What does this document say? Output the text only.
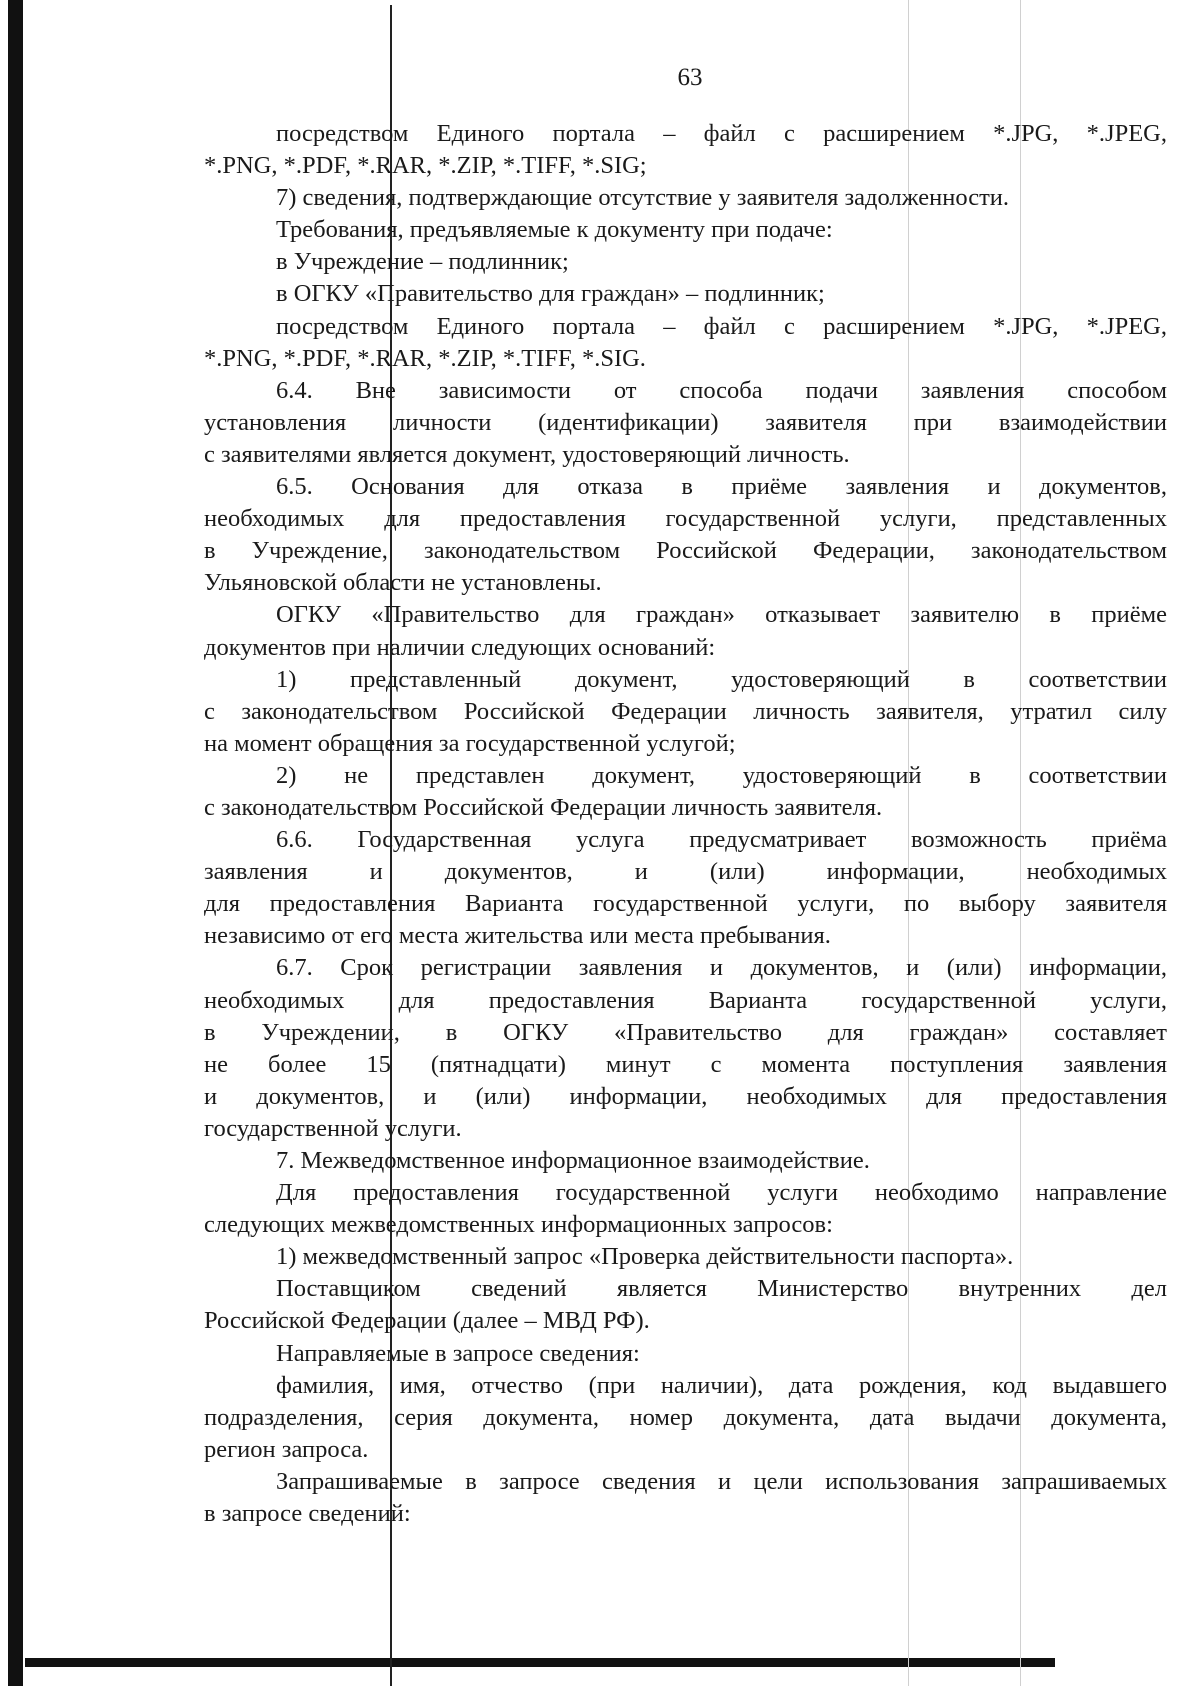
63
посредством Единого портала – файл с расширением *.JPG, *.JPEG,
*.PNG, *.PDF, *.RAR, *.ZIP, *.TIFF, *.SIG;
7) сведения, подтверждающие отсутствие у заявителя задолженности.
Требования, предъявляемые к документу при подаче:
в Учреждение – подлинник;
в ОГКУ «Правительство для граждан» – подлинник;
посредством Единого портала – файл с расширением *.JPG, *.JPEG,
*.PNG, *.PDF, *.RAR, *.ZIP, *.TIFF, *.SIG.
6.4. Вне зависимости от способа подачи заявления способом
установления личности (идентификации) заявителя при взаимодействии
с заявителями является документ, удостоверяющий личность.
6.5. Основания для отказа в приёме заявления и документов,
необходимых для предоставления государственной услуги, представленных
в Учреждение, законодательством Российской Федерации, законодательством
Ульяновской области не установлены.
ОГКУ «Правительство для граждан» отказывает заявителю в приёме
документов при наличии следующих оснований:
1) представленный документ, удостоверяющий в соответствии
с законодательством Российской Федерации личность заявителя, утратил силу
на момент обращения за государственной услугой;
2) не представлен документ, удостоверяющий в соответствии
с законодательством Российской Федерации личность заявителя.
6.6. Государственная услуга предусматривает возможность приёма
заявления и документов, и (или) информации, необходимых
для предоставления Варианта государственной услуги, по выбору заявителя
независимо от его места жительства или места пребывания.
6.7. Срок регистрации заявления и документов, и (или) информации,
необходимых для предоставления Варианта государственной услуги,
в Учреждении, в ОГКУ «Правительство для граждан» составляет
не более 15 (пятнадцати) минут с момента поступления заявления
и документов, и (или) информации, необходимых для предоставления
государственной услуги.
7. Межведомственное информационное взаимодействие.
Для предоставления государственной услуги необходимо направление
следующих межведомственных информационных запросов:
1) межведомственный запрос «Проверка действительности паспорта».
Поставщиком сведений является Министерство внутренних дел
Российской Федерации (далее – МВД РФ).
Направляемые в запросе сведения:
фамилия, имя, отчество (при наличии), дата рождения, код выдавшего
подразделения, серия документа, номер документа, дата выдачи документа,
регион запроса.
Запрашиваемые в запросе сведения и цели использования запрашиваемых
в запросе сведений:
